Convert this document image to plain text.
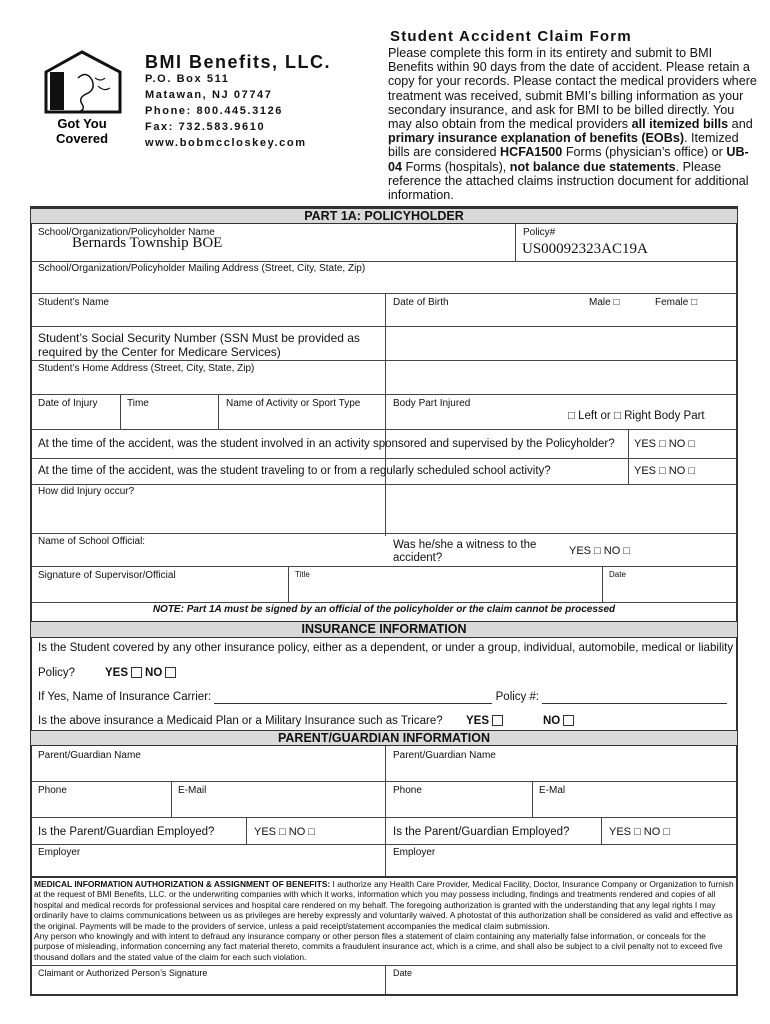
Got You
Covered
BMI Benefits, LLC.
P.O. Box 511
Matawan, NJ 07747
Phone: 800.445.3126
Fax: 732.583.9610
www.bobmccloskey.com
Student Accident Claim Form
Please complete this form in its entirety and submit to BMI Benefits within 90 days from the date of accident. Please retain a copy for your records. Please contact the medical providers where treatment was received, submit BMI’s billing information as your secondary insurance, and ask for BMI to be billed directly. You may also obtain from the medical providers all itemized bills and primary insurance explanation of benefits (EOBs). Itemized bills are considered HCFA1500 Forms (physician’s office) or UB-04 Forms (hospitals), not balance due statements. Please reference the attached claims instruction document for additional information.
PART 1A: POLICYHOLDER
School/Organization/Policyholder Name
Bernards Township BOE
Policy#
US00092323AC19A
School/Organization/Policyholder Mailing Address (Street, City, State, Zip)
Student’s Name	Date of Birth	Male □	Female □
Student’s Social Security Number (SSN Must be provided as
required by the Center for Medicare Services)
Student’s Home Address (Street, City, State, Zip)
Date of Injury	Time	Name of Activity or Sport Type	Body Part Injured
□ Left or □ Right Body Part
At the time of the accident, was the student involved in an activity sponsored and supervised by the Policyholder? YES □ NO □
At the time of the accident, was the student traveling to or from a regularly scheduled school activity?	YES □ NO □
How did Injury occur?
Name of School Official:	Was he/she a witness to the
accident?
YES □ NO □
Signature of Supervisor/Official	Title	Date
NOTE: Part 1A must be signed by an official of the policyholder or the claim cannot be processed
INSURANCE INFORMATION
Is the Student covered by any other insurance policy, either as a dependent, or under a group, individual, automobile, medical or liability
Policy?	YES NO
If Yes, Name of Insurance Carrier:	Policy #:
Is the above insurance a Medicaid Plan or a Military Insurance such as Tricare? YES	NO
PARENT/GUARDIAN INFORMATION
Parent/Guardian Name	Parent/Guardian Name
Phone	E-Mail	Phone	E-Mal
Is the Parent/Guardian Employed?	YES □ NO □	Is the Parent/Guardian Employed?	YES □ NO □
Employer	Employer
MEDICAL INFORMATION AUTHORIZATION & ASSIGNMENT OF BENEFITS: I authorize any Health Care Provider, Medical Facility, Doctor, Insurance Company or Organization to furnish at the request of BMI Benefits, LLC. or the underwriting companies with which it works, information which you may possess including, findings and treatments rendered and copies of all hospital and medical records for professional services and hospital care rendered on my behalf. The foregoing authorization is granted with the understanding that any legal rights I may ordinarily have to claims communications between us as privileges are hereby expressly and voluntarily waived. A photostat of this authorization shall be considered as valid and effective as the original. Payments will be made to the providers of service, unless a paid receipt/statement accompanies the medical claim submission.
Any person who knowingly and with intent to defraud any insurance company or other person files a statement of claim containing any materially false information, or conceals for the purpose of misleading, information concerning any fact material thereto, commits a fraudulent insurance act, which is a crime, and shall also be subject to a civil penalty not to exceed five thousand dollars and the stated value of the claim for each such violation.
Claimant or Authorized Person’s Signature	Date
